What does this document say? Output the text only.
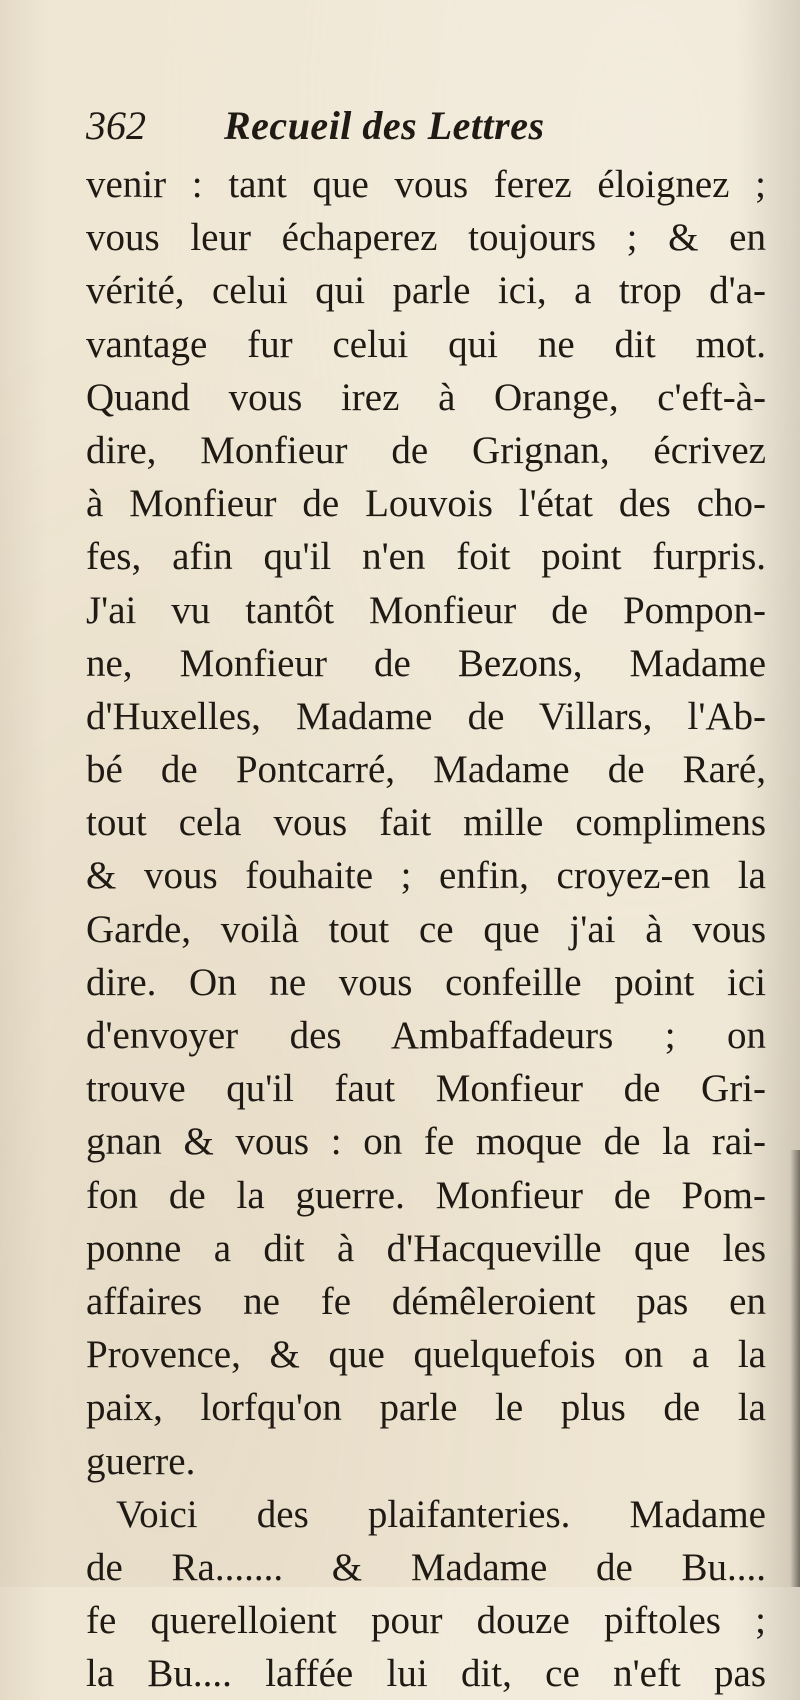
362 Recueil des Lettres
venir : tant que vous ferez éloignez ;
vous leur échaperez toujours ; & en
vérité, celui qui parle ici, a trop d'a-
vantage fur celui qui ne dit mot.
Quand vous irez à Orange, c'eft-à-
dire, Monfieur de Grignan, écrivez
à Monfieur de Louvois l'état des cho-
fes, afin qu'il n'en foit point furpris.
J'ai vu tantôt Monfieur de Pompon-
ne, Monfieur de Bezons, Madame
d'Huxelles, Madame de Villars, l'Ab-
bé de Pontcarré, Madame de Raré,
tout cela vous fait mille complimens
& vous fouhaite ; enfin, croyez-en la
Garde, voilà tout ce que j'ai à vous
dire. On ne vous confeille point ici
d'envoyer des Ambaffadeurs ; on
trouve qu'il faut Monfieur de Gri-
gnan & vous : on fe moque de la rai-
fon de la guerre. Monfieur de Pom-
ponne a dit à d'Hacqueville que les
affaires ne fe démêleroient pas en
Provence, & que quelquefois on a la
paix, lorfqu'on parle le plus de la
guerre.
Voici des plaifanteries. Madame
de Ra....... & Madame de Bu....
fe querelloient pour douze piftoles ;
la Bu.... laffée lui dit, ce n'eft pas
